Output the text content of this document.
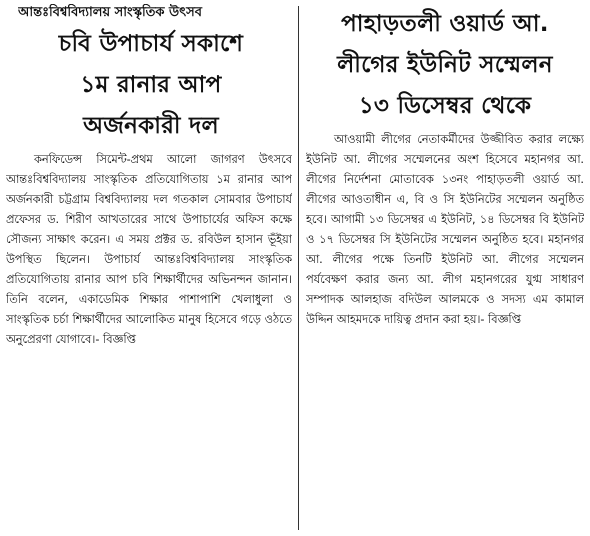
আন্তঃবিশ্ববিদ্যালয় সাংস্কৃতিক উৎসব
চবি উপাচার্য সকাশে
১ম রানার আপ
অর্জনকারী দল
কনফিডেন্স সিমেন্ট-প্রথম আলো জাগরণ উৎসবে আন্তঃবিশ্ববিদ্যালয় সাংস্কৃতিক প্রতিযোগিতায় ১ম রানার আপ অর্জনকারী চট্টগ্রাম বিশ্ববিদ্যালয় দল গতকাল সোমবার উপাচার্য প্রফেসর ড. শিরীণ আখতারের সাথে উপাচার্যের অফিস কক্ষে সৌজন্য সাক্ষাৎ করেন। এ সময় প্রক্টর ড. রবিউল হাসান ভূঁইয়া উপস্থিত ছিলেন। উপাচার্য আন্তঃবিশ্ববিদ্যালয় সাংস্কৃতিক প্রতিযোগিতায় রানার আপ চবি শিক্ষার্থীদের অভিনন্দন জানান। তিনি বলেন, একাডেমিক শিক্ষার পাশাপাশি খেলাধুলা ও সাংস্কৃতিক চর্চা শিক্ষার্থীদের আলোকিত মানুষ হিসেবে গড়ে ওঠতে অনুপ্রেরণা যোগাবে।- বিজ্ঞপ্তি
পাহাড়তলী ওয়ার্ড আ.
লীগের ইউনিট সম্মেলন
১৩ ডিসেম্বর থেকে
আওয়ামী লীগের নেতাকর্মীদের উজ্জীবিত করার লক্ষ্যে ইউনিট আ. লীগের সম্মেলনের অংশ হিসেবে মহানগর আ. লীগের নির্দেশনা মোতাবেক ১৩নং পাহাড়তলী ওয়ার্ড আ. লীগের আওতাধীন এ, বি ও সি ইউনিটের সম্মেলন অনুষ্ঠিত হবে। আগামী ১৩ ডিসেম্বর এ ইউনিট, ১৪ ডিসেম্বর বি ইউনিট ও ১৭ ডিসেম্বর সি ইউনিটের সম্মেলন অনুষ্ঠিত হবে। মহানগর আ. লীগের পক্ষে তিনটি ইউনিট আ. লীগের সম্মেলন পর্যবেক্ষণ করার জন্য আ. লীগ মহানগরের যুগ্ম সাধারণ সম্পাদক আলহাজ বদিউল আলমকে ও সদস্য এম কামাল উদ্দিন আহমদকে দায়িত্ব প্রদান করা হয়।- বিজ্ঞপ্তি
